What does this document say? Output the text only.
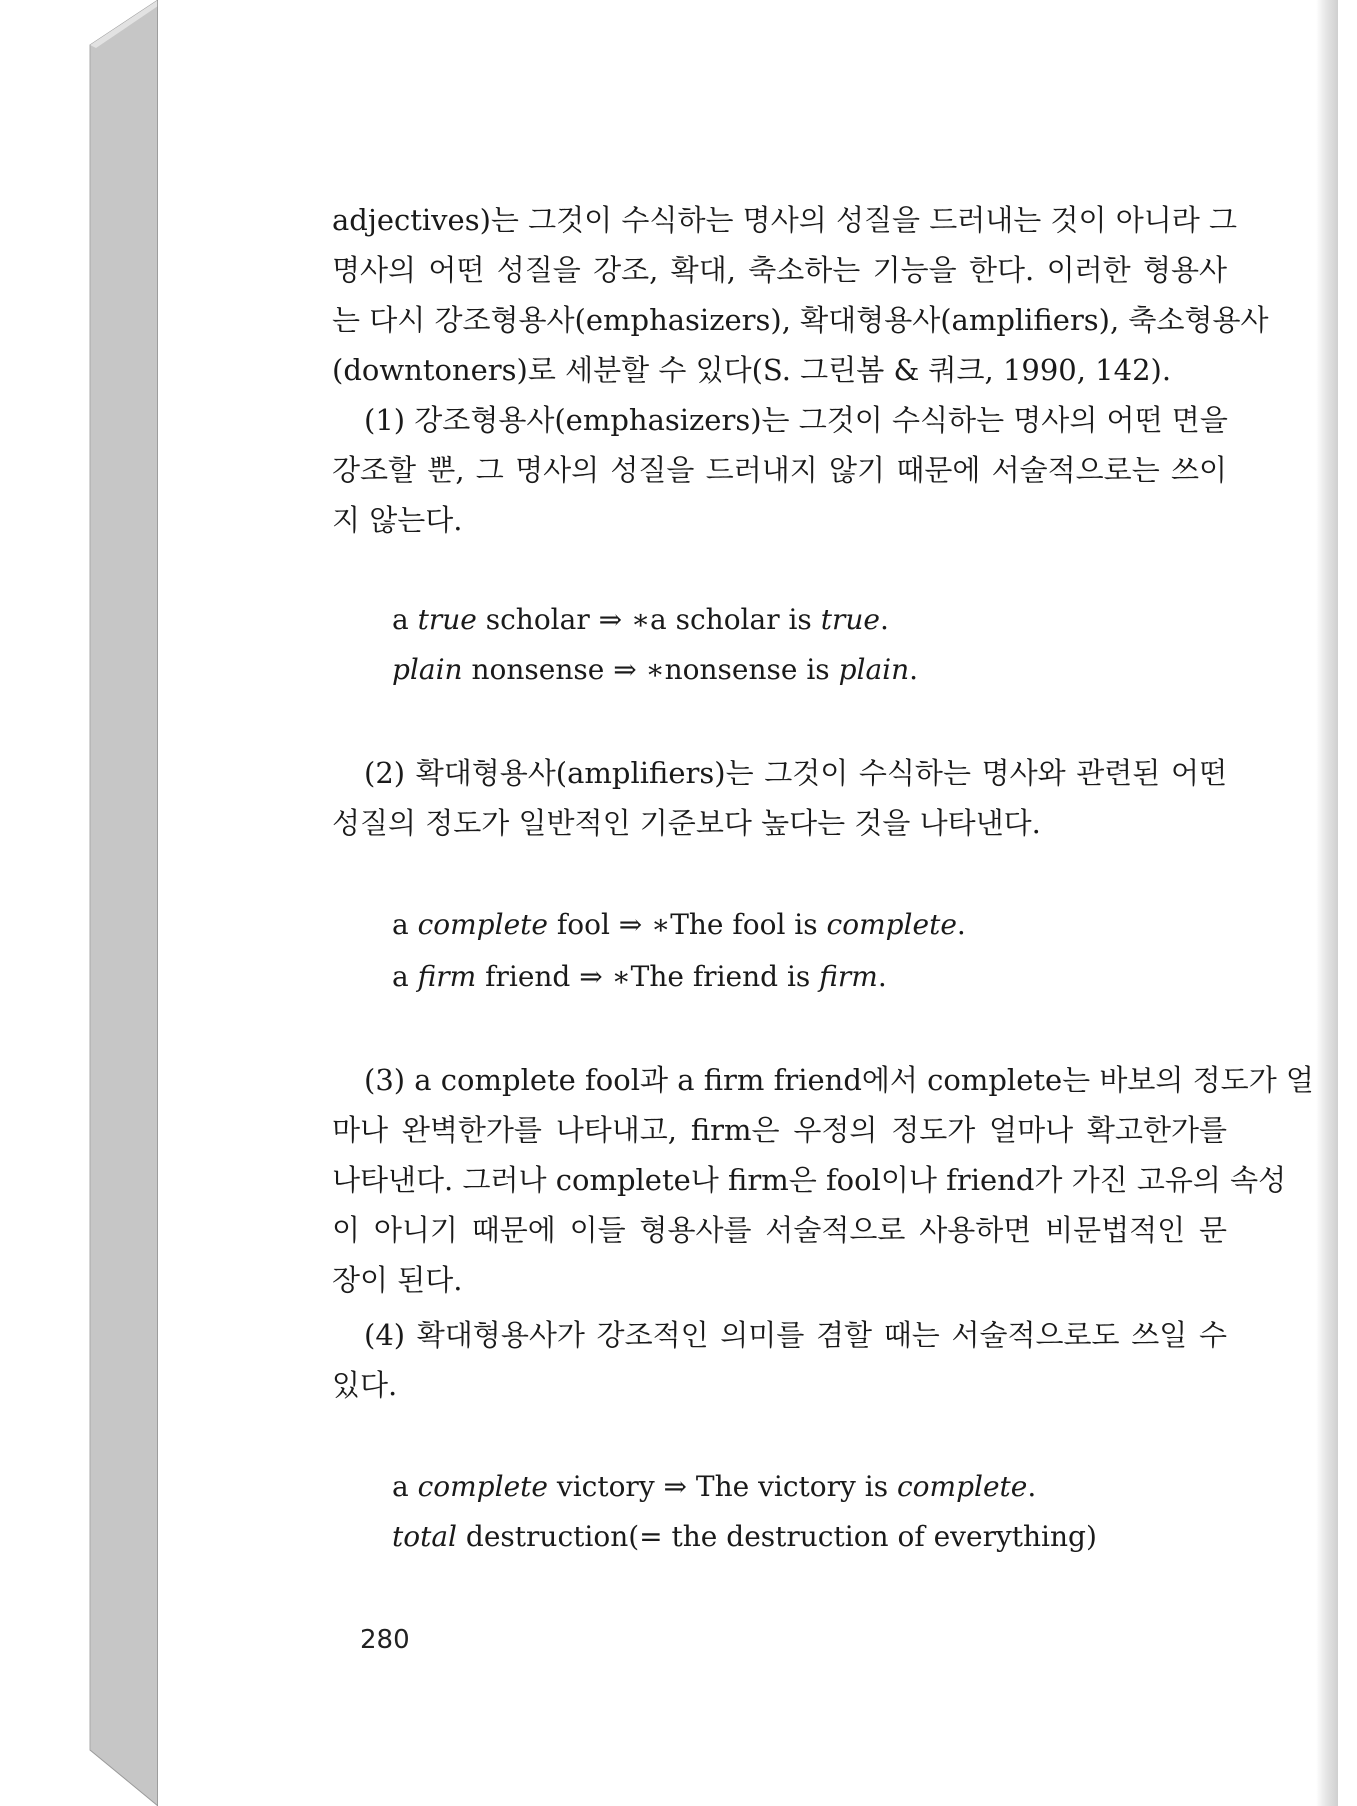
adjectives)는 그것이 수식하는 명사의 성질을 드러내는 것이 아니라 그
명사의 어떤 성질을 강조, 확대, 축소하는 기능을 한다. 이러한 형용사
는 다시 강조형용사(emphasizers), 확대형용사(amplifiers), 축소형용사
(downtoners)로 세분할 수 있다(S. 그린봄 & 쿼크, 1990, 142).
(1) 강조형용사(emphasizers)는 그것이 수식하는 명사의 어떤 면을
강조할 뿐, 그 명사의 성질을 드러내지 않기 때문에 서술적으로는 쓰이
지 않는다.
a true scholar ⇒ ∗a scholar is true.
plain nonsense ⇒ ∗nonsense is plain.
(2) 확대형용사(amplifiers)는 그것이 수식하는 명사와 관련된 어떤
성질의 정도가 일반적인 기준보다 높다는 것을 나타낸다.
a complete fool ⇒ ∗The fool is complete.
a firm friend ⇒ ∗The friend is firm.
(3) a complete fool과 a firm friend에서 complete는 바보의 정도가 얼
마나 완벽한가를 나타내고, firm은 우정의 정도가 얼마나 확고한가를
나타낸다. 그러나 complete나 firm은 fool이나 friend가 가진 고유의 속성
이 아니기 때문에 이들 형용사를 서술적으로 사용하면 비문법적인 문
장이 된다.
(4) 확대형용사가 강조적인 의미를 겸할 때는 서술적으로도 쓰일 수
있다.
a complete victory ⇒ The victory is complete.
total destruction(= the destruction of everything)
280
